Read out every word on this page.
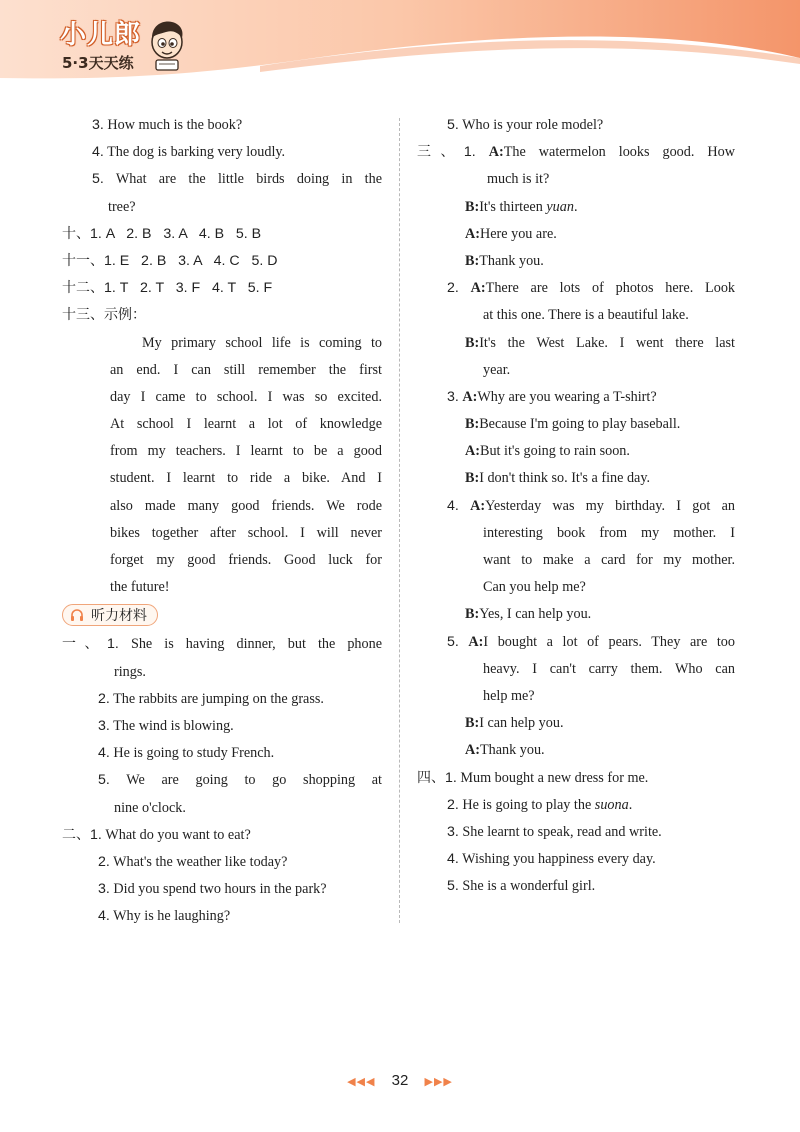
小儿郎
5·3天天练
3. How much is the book?
4. The dog is barking very loudly.
5. What are the little birds doing in the
tree?
十、1. A   2. B   3. A   4. B   5. B
十一、1. E   2. B   3. A   4. C   5. D
十二、1. T   2. T   3. F   4. T   5. F
十三、示例：
My primary school life is coming to
an end. I can still remember the first
day I came to school. I was so excited.
At school I learnt a lot of knowledge
from my teachers. I learnt to be a good
student. I learnt to ride a bike. And I
also made many good friends. We rode
bikes together after school. I will never
forget my good friends. Good luck for
the future!
听力材料
一、1. She is having dinner, but the phone
rings.
2. The rabbits are jumping on the grass.
3. The wind is blowing.
4. He is going to study French.
5. We are going to go shopping at
nine o'clock.
二、1. What do you want to eat?
2. What's the weather like today?
3. Did you spend two hours in the park?
4. Why is he laughing?
5. Who is your role model?
三、1. A:The watermelon looks good. How
much is it?
B:It's thirteen yuan.
A:Here you are.
B:Thank you.
2. A:There are lots of photos here. Look
at this one. There is a beautiful lake.
B:It's the West Lake. I went there last
year.
3. A:Why are you wearing a T-shirt?
B:Because I'm going to play baseball.
A:But it's going to rain soon.
B:I don't think so. It's a fine day.
4. A:Yesterday was my birthday. I got an
interesting book from my mother. I
want to make a card for my mother.
Can you help me?
B:Yes, I can help you.
5. A:I bought a lot of pears. They are too
heavy. I can't carry them. Who can
help me?
B:I can help you.
A:Thank you.
四、1. Mum bought a new dress for me.
2. He is going to play the suona.
3. She learnt to speak, read and write.
4. Wishing you happiness every day.
5. She is a wonderful girl.
◀◀◀ 32 ▶▶▶
